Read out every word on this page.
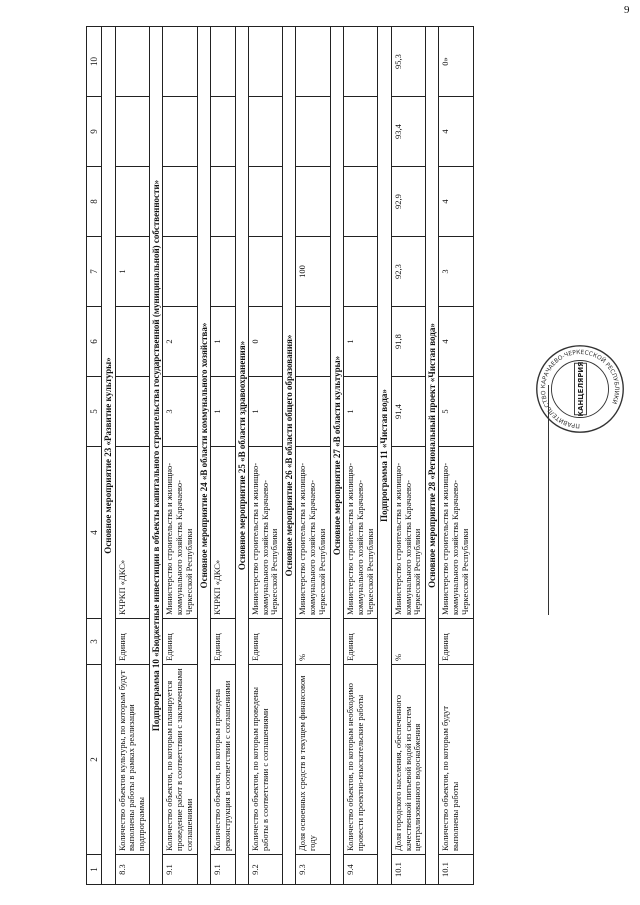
9
1	2	3	4	5	6	7	8	9	10
Основное мероприятие 23 «Развитие культуры»									
8.3	Количество объектов культуры, по которым будут выполнены работы в рамках реализации подпрограммы	Единиц	КЧРКП «ДКС»			1			
Подпрограмма 10 «Бюджетные инвестиции в объекты капитального строительства государственной (муниципальной) собственности»									
9.1	Количество объектов, по которым планируется проведение работ в соответствии с заключенными соглашениями	Единиц	Министерство строительства и жилищно-коммунального хозяйства Карачаево-Черкесской Республики	3	2				
Основное мероприятие 24 «В области коммунального хозяйства»									
9.1	Количество объектов, по которым проведена реконструкция в соответствии с соглашениями	Единиц	КЧРКП «ДКС»	1	1				
Основное мероприятие 25 «В области здравоохранения»									
9.2	Количество объектов, по которым проведены работы в соответствии с соглашениями	Единиц	Министерство строительства и жилищно-коммунального хозяйства Карачаево-Черкесской Республики	1	0				
Основное мероприятие 26 «В области общего образования»									
9.3	Доля освоенных средств в текущем финансовом году	%	Министерство строительства и жилищно-коммунального хозяйства Карачаево-Черкесской Республики			100			
Основное мероприятие 27 «В области культуры»									
9.4	Количество объектов, по которым необходимо провести проектно-изыскательские работы	Единиц	Министерство строительства и жилищно-коммунального хозяйства Карачаево-Черкесской Республики	1	1				
Подпрограмма 11 «Чистая вода»									
10.1	Доля городского населения, обеспеченного качественной питьевой водой из систем централизованного водоснабжения	%	Министерство строительства и жилищно-коммунального хозяйства Карачаево-Черкесской Республики	91,4	91,8	92,3	92,9	93,4	95,3
Основное мероприятие 28 «Региональный проект «Чистая вода»									
10.1	Количество объектов, по которым будут выполнены работы	Единиц	Министерство строительства и жилищно-коммунального хозяйства Карачаево-Черкесской Республики	5	4	3	4	4	0»
ПРАВИТЕЛЬСТВО КАРАЧАЕВО-ЧЕРКЕССКОЙ РЕСПУБЛИКИ
КАНЦЕЛЯРИЯ
